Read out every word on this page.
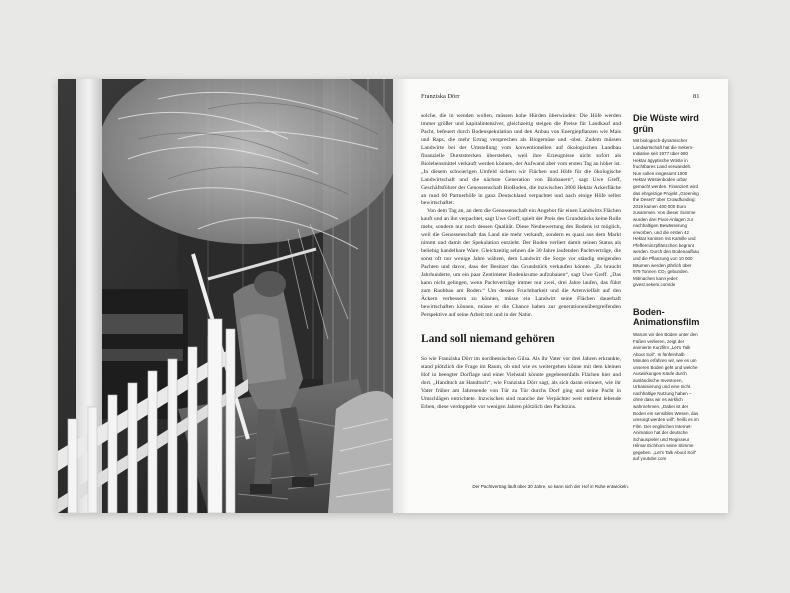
Franziska Dörr	81

solche, die in wenden wollen, müssen hohe Hürden überwinden: Die Höfe werden immer größer und kapitalintensiver, gleichzeitig steigen die Preise für Landkauf und Pacht, befeuert durch Bodenspekulation und den Anbau von Energiepflanzen wie Mais und Raps, die mehr Ertrag versprechen als Biogemüse und -obst. Zudem müssen Landwirte bei der Umstellung vom konventionellen auf ökologischen Landbau finanzielle Durststrecken überstehen, weil ihre Erzeugnisse nicht sofort als Biolebensmittel verkauft werden können, der Aufwand aber vom ersten Tag an höher ist. „In diesem schwierigen Umfeld sichern wir Flächen und Höfe für die ökologische Landwirtschaft und die nächste Generation von Biobauern“, sagt Uwe Greff, Geschäftsführer der Genossenschaft BioBoden, die inzwischen 3800 Hektar Ackerfläche an rund 60 Partnerhöfe in ganz Deutschland verpachtet und nach einige Höfe selbst bewirtschaftet.

Von dem Tag an, an dem die Genossenschaft ein Angebot für einen Landwirts Flächen kauft und an ihn verpachtet, sagt Uwe Greff, spielt der Preis des Grundstücks keine Rolle mehr, sondern nur noch dessen Qualität. Diese Neubewertung des Bodens ist möglich, weil die Genossenschaft das Land nie mehr verkauft, sondern es quasi aus dem Markt nimmt und damit der Spekulation entzieht. Der Boden verliert damit seinen Status als beliebig handelbare Ware. Gleichzeitig sehnen die 30 Jahre laufenden Pachtverträge, die sonst oft nur wenige Jahre währen, dem Landwirt die Sorge vor ständig steigenden Pachten und davor, dass der Besitzer das Grundstück verkaufen könnte. „Es braucht Jahrhunderte, um ein paar Zentimeter Bodenkrume aufzubauen“, sagt Uwe Greff. „Das kann nicht gelingen, wenn Pachtverträge immer nur zwei, drei Jahre laufen, das führt zum Raubbau am Boden.“ Um dessen Fruchtbarkeit und die Artenvielfalt auf den Äckern verbessern zu können, müsse ein Landwirt seine Flächen dauerhaft bewirtschaften können, müsse er die Chance haben zur generationenübergreifenden Perspektive auf seine Arbeit mit und in der Natur.

Land soll niemand gehören

So wie Franziska Dörr im nordhessischen Gilsa. Als ihr Vater vor drei Jahren erkrankte, stand plötzlich die Frage im Raum, ob und wie es weitergehen könne mit dem kleinen Hof in beengter Dorflage und einer Viehstall könnte gegebenenfalls Flächen hier und dort. „Handtuch an Handtuch“, wie Franziska Dörr sagt, als sich daran erinnert, wie ihr Vater früher am Jahresende von Tür zu Tür durchs Dorf ging und seine Pacht in Umschlägen entrichtete. Inzwischen sind manche der Verpächter weit entfernt lebende Erben, diese verdoppelte vor wenigen Jahren plötzlich den Pachtzins.

Der Pachtvertrag läuft über 30 Jahre, so kann sich der Hof in Ruhe entwickeln.
Die Wüste wird grün
Mit biologisch-dynamischer Landwirtschaft hat die Sekem-Initiative seit 1977 über 680 Hektar ägyptische Wüste in fruchtbares Land verwandelt. Nun sollen insgesamt 1000 Hektar Wüstenboden urbar gemacht werden. Finanziert wird das ehrgeizige Projekt „Greening the Desert“ über Crowdfunding: 2019 kamen 400 000 Euro zusammen. Von dieser Summe wurden drei Pivot-Anlagen zur nachhaltigen Bewässerung erworben, und die ersten 42 Hektar konnten mit Kamille und Pfefferminzpflänzchen begrünt werden. Durch den Bodenaufbau und die Pflanzung von 10 000 Bäumen werden jährlich über 979 Tonnen CO₂ gebunden. Mitmachen kann jeder: givest.sekem.com/de
Boden-Animationsfilm
Warum wir den Boden unter den Füßen verlieren, zeigt der animierte Kurzfilm „Let’s Talk About Soil“. In fünfeinhalb Minuten erfahren wir, wie es um unseren Boden geht und welche Auswirkungen Käufe durch ausländische Investoren, Urbanisierung und eine nicht nachhaltige Nutzung haben – ohne dass wir es wirklich wahrnehmen. „Dabei ist der Boden ein sensibles Wesen, das umsorgt werden will“, heißt es im Film. Der englischen Internet-Animation hat der deutsche Schauspieler und Regisseur Hilmar Eichhorn seine Stimme gegeben. „Let’s Talk About Soil“ auf youtube.com
